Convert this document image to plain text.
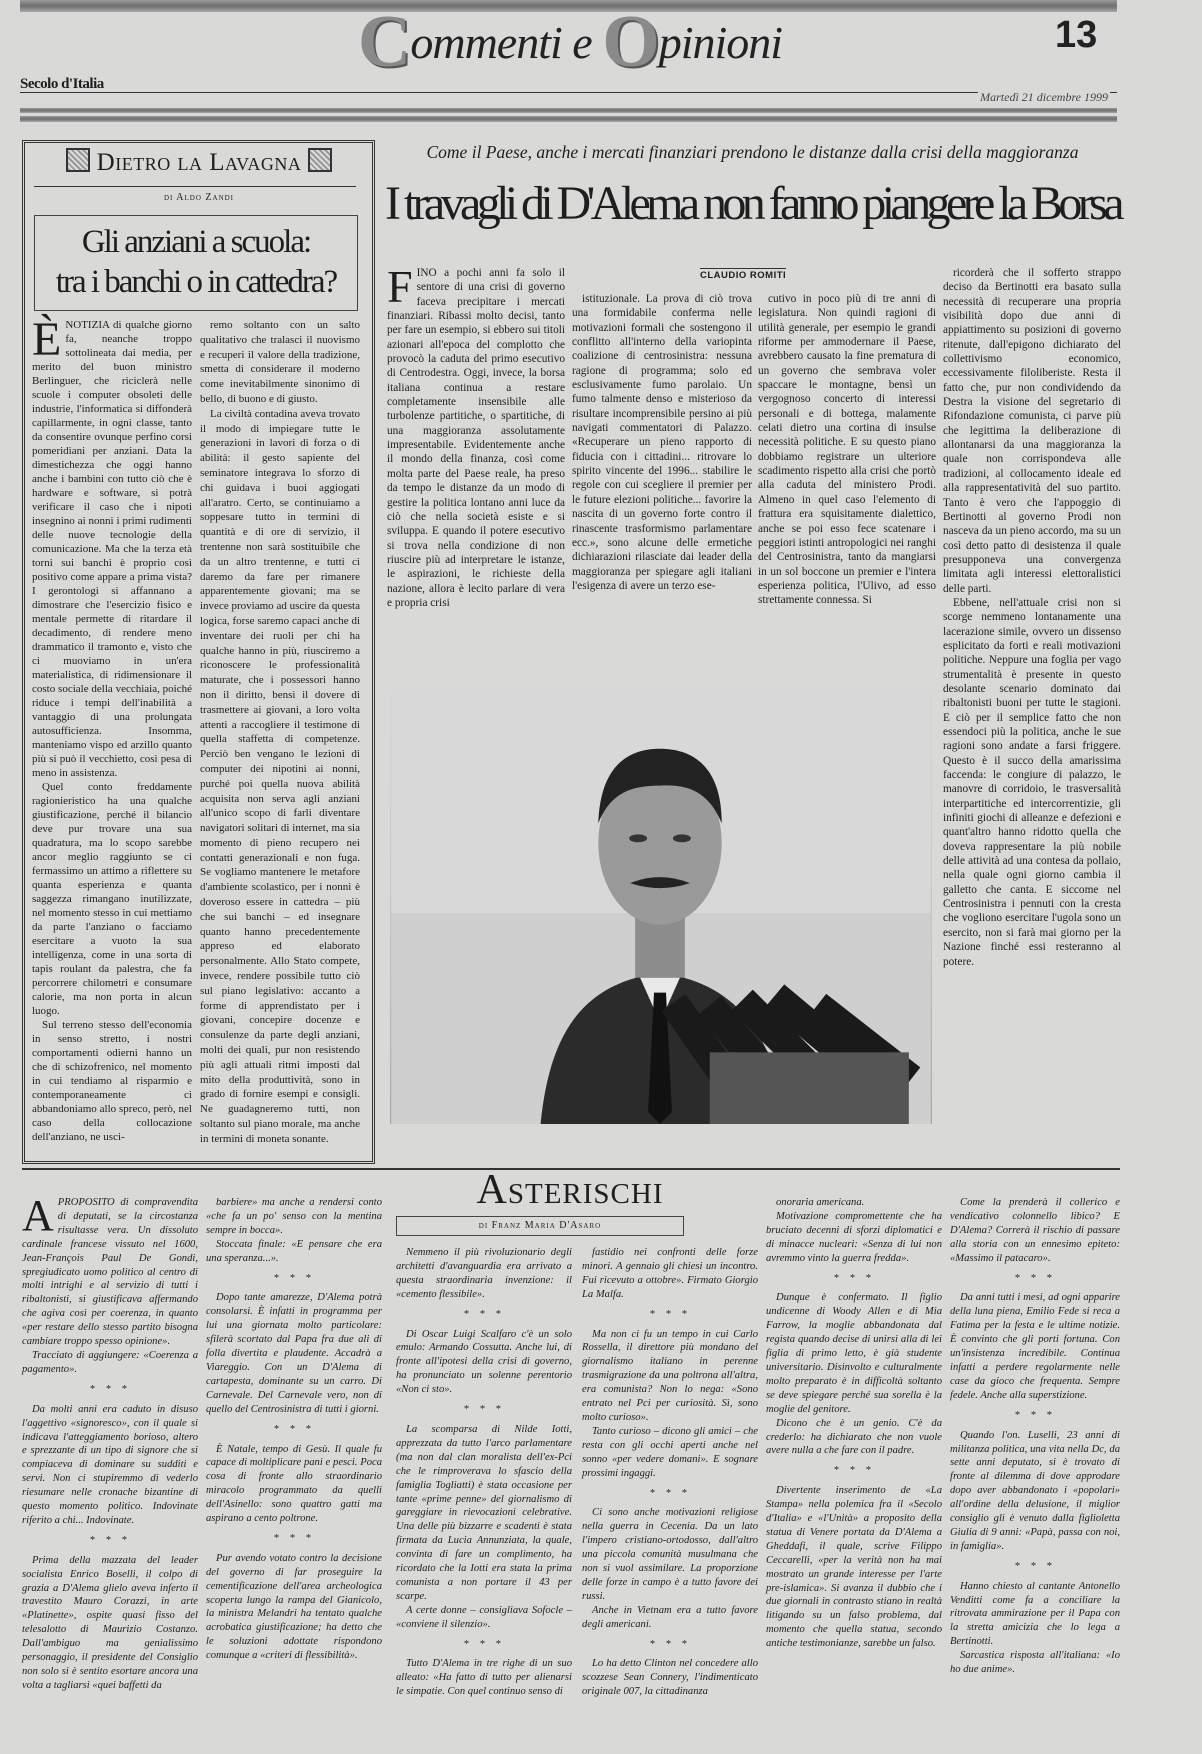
Commenti e Opinioni	13
Secolo d'Italia
Martedì 21 dicembre 1999
Dietro la Lavagna
di Aldo Zandi
Gli anziani a scuola:
tra i banchi o in cattedra?
È NOTIZIA di qualche giorno fa, neanche troppo sottolineata dai media, per merito del buon ministro Berlinguer, che riciclerà nelle scuole i computer obsoleti delle industrie, l'informatica si diffonderà capillarmente, in ogni classe, tanto da consentire ovunque perfino corsi pomeridiani per anziani. Data la dimestichezza che oggi hanno anche i bambini con tutto ciò che è hardware e software, si potrà verificare il caso che i nipoti insegnino ai nonni i primi rudimenti delle nuove tecnologie della comunicazione. Ma che la terza età torni sui banchi è proprio così positivo come appare a prima vista? I gerontologi si affannano a dimostrare che l'esercizio fisico e mentale permette di ritardare il decadimento, di rendere meno drammatico il tramonto e, visto che ci muoviamo in un'era materialistica, di ridimensionare il costo sociale della vecchiaia, poiché riduce i tempi dell'inabilità a vantaggio di una prolungata autosufficienza. Insomma, manteniamo vispo ed arzillo quanto più si può il vecchietto, così pesa di meno in assistenza.

Quel conto freddamente ragionieristico ha una qualche giustificazione, perché il bilancio deve pur trovare una sua quadratura, ma lo scopo sarebbe ancor meglio raggiunto se ci fermassimo un attimo a riflettere su quanta esperienza e quanta saggezza rimangano inutilizzate, nel momento stesso in cui mettiamo da parte l'anziano o facciamo esercitare a vuoto la sua intelligenza, come in una sorta di tapis roulant da palestra, che fa percorrere chilometri e consumare calorie, ma non porta in alcun luogo.

Sul terreno stesso dell'economia in senso stretto, i nostri comportamenti odierni hanno un che di schizofrenico, nel momento in cui tendiamo al risparmio e contemporaneamente ci abbandoniamo allo spreco, però, nel caso della collocazione dell'anziano, ne usci-

remo soltanto con un salto qualitativo che tralasci il nuovismo e recuperi il valore della tradizione, smetta di considerare il moderno come inevitabilmente sinonimo di bello, di buono e di giusto.

La civiltà contadina aveva trovato il modo di impiegare tutte le generazioni in lavori di forza o di abilità: il gesto sapiente del seminatore integrava lo sforzo di chi guidava i buoi aggiogati all'aratro. Certo, se continuiamo a soppesare tutto in termini di quantità e di ore di servizio, il trentenne non sarà sostituibile che da un altro trentenne, e tutti ci daremo da fare per rimanere apparentemente giovani; ma se invece proviamo ad uscire da questa logica, forse saremo capaci anche di inventare dei ruoli per chi ha qualche hanno in più, riusciremo a riconoscere le professionalità maturate, che i possessori hanno non il diritto, bensì il dovere di trasmettere ai giovani, a loro volta attenti a raccogliere il testimone di quella staffetta di competenze. Perciò ben vengano le lezioni di computer dei nipotini ai nonni, purché poi quella nuova abilità acquisita non serva agli anziani all'unico scopo di farli diventare navigatori solitari di internet, ma sia momento di pieno recupero nei contatti generazionali e non fuga. Se vogliamo mantenere le metafore d'ambiente scolastico, per i nonni è doveroso essere in cattedra – più che sui banchi – ed insegnare quanto hanno precedentemente appreso ed elaborato personalmente. Allo Stato compete, invece, rendere possibile tutto ciò sul piano legislativo: accanto a forme di apprendistato per i giovani, concepire docenze e consulenze da parte degli anziani, molti dei quali, pur non resistendo più agli attuali ritmi imposti dal mito della produttività, sono in grado di fornire esempi e consigli. Ne guadagneremo tutti, non soltanto sul piano morale, ma anche in termini di moneta sonante.

Come il Paese, anche i mercati finanziari prendono le distanze dalla crisi della maggioranza
I travagli di D'Alema non fanno piangere la Borsa
CLAUDIO ROMITI
F INO a pochi anni fa solo il sentore di una crisi di governo faceva precipitare i mercati finanziari. Ribassi molto decisi, tanto per fare un esempio, si ebbero sui titoli azionari all'epoca del complotto che provocò la caduta del primo esecutivo di Centrodestra. Oggi, invece, la borsa italiana continua a restare completamente insensibile alle turbolenze partitiche, o spartitiche, di una maggioranza assolutamente impresentabile. Evidentemente anche il mondo della finanza, così come molta parte del Paese reale, ha preso da tempo le distanze da un modo di gestire la politica lontano anni luce da ciò che nella società esiste e si sviluppa. E quando il potere esecutivo si trova nella condizione di non riuscire più ad interpretare le istanze, le aspirazioni, le richieste della nazione, allora è lecito parlare di vera e propria crisi

istituzionale. La prova di ciò trova una formidabile conferma nelle motivazioni formali che sostengono il conflitto all'interno della variopinta coalizione di centrosinistra: nessuna ragione di programma; solo ed esclusivamente fumo parolaio. Un fumo talmente denso e misterioso da risultare incomprensibile persino ai più navigati commentatori di Palazzo. «Recuperare un pieno rapporto di fiducia con i cittadini... ritrovare lo spirito vincente del 1996... stabilire le regole con cui scegliere il premier per le future elezioni politiche... favorire la nascita di un governo forte contro il rinascente trasformismo parlamentare ecc.», sono alcune delle ermetiche dichiarazioni rilasciate dai leader della maggioranza per spiegare agli italiani l'esigenza di avere un terzo ese-

cutivo in poco più di tre anni di legislatura. Non quindi ragioni di utilità generale, per esempio le grandi riforme per ammodernare il Paese, avrebbero causato la fine prematura di un governo che sembrava voler spaccare le montagne, bensì un vergognoso concerto di interessi personali e di bottega, malamente celati dietro una cortina di insulse necessità politiche. E su questo piano dobbiamo registrare un ulteriore scadimento rispetto alla crisi che portò alla caduta del ministero Prodi. Almeno in quel caso l'elemento di frattura era squisitamente dialettico, anche se poi esso fece scatenare i peggiori istinti antropologici nei ranghi del Centrosinistra, tanto da mangiarsi in un sol boccone un premier e l'intera esperienza politica, l'Ulivo, ad esso strettamente connessa. Si

ricorderà che il sofferto strappo deciso da Bertinotti era basato sulla necessità di recuperare una propria visibilità dopo due anni di appiattimento su posizioni di governo ritenute, dall'epigono dichiarato del collettivismo economico, eccessivamente filoliberiste. Resta il fatto che, pur non condividendo da Destra la visione del segretario di Rifondazione comunista, ci parve più che legittima la deliberazione di allontanarsi da una maggioranza la quale non corrispondeva alle tradizioni, al collocamento ideale ed alla rappresentatività del suo partito. Tanto è vero che l'appoggio di Bertinotti al governo Prodi non nasceva da un pieno accordo, ma su un così detto patto di desistenza il quale presupponeva una convergenza limitata agli interessi elettoralistici delle parti.

Ebbene, nell'attuale crisi non si scorge nemmeno lontanamente una lacerazione simile, ovvero un dissenso esplicitato da forti e reali motivazioni politiche. Neppure una foglia per vago strumentalità è presente in questo desolante scenario dominato dai ribaltonisti buoni per tutte le stagioni. E ciò per il semplice fatto che non essendoci più la politica, anche le sue ragioni sono andate a farsi friggere. Questo è il succo della amarissima faccenda: le congiure di palazzo, le manovre di corridoio, le trasversalità interpartitiche ed intercorrentizie, gli infiniti giochi di alleanze e defezioni e quant'altro hanno ridotto quella che doveva rappresentare la più nobile delle attività ad una contesa da pollaio, nella quale ogni giorno cambia il galletto che canta. E siccome nel Centrosinistra i pennuti con la cresta che vogliono esercitare l'ugola sono un esercito, non si farà mai giorno per la Nazione finché essi resteranno al potere.

Asterischi
di Franz Maria D'Asaro
A PROPOSITO di compravendita di deputati, se la circostanza risultasse vera. Un dissoluto cardinale francese vissuto nel 1600, Jean-François Paul De Gondi, spregiudicato uomo politico al centro di molti intrighi e al servizio di tutti i ribaltonisti, si giustificava affermando che agiva così per coerenza, in quanto «per restare dello stesso partito bisogna cambiare troppo spesso opinione».

Tracciato di aggiungere: «Coerenza a pagamento».

* * *

Da molti anni era caduto in disuso l'aggettivo «signoresco», con il quale si indicava l'atteggiamento borioso, altero e sprezzante di un tipo di signore che si compiaceva di dominare su sudditi e servi. Non ci stupiremmo di vederlo riesumare nelle cronache bizantine di questo momento politico. Indovinate riferito a chi... Indovinate.

* * *

Prima della mazzata del leader socialista Enrico Boselli, il colpo di grazia a D'Alema glielo aveva inferto il travestito Mauro Corazzi, in arte «Platinette», ospite quasi fisso del telesalotto di Maurizio Costanzo. Dall'ambiguo ma genialissimo personaggio, il presidente del Consiglio non solo si è sentito esortare ancora una volta a tagliarsi «quei baffetti da

barbiere» ma anche a rendersi conto «che fa un po' senso con la mentina sempre in bocca».

Stoccata finale: «E pensare che era una speranza...».

* * *

Dopo tante amarezze, D'Alema potrà consolarsi. È infatti in programma per lui una giornata molto particolare: sfilerà scortato dal Papa fra due ali di folla divertita e plaudente. Accadrà a Viareggio. Con un D'Alema di cartapesta, dominante su un carro. Di Carnevale. Del Carnevale vero, non di quello del Centrosinistra di tutti i giorni.

* * *

È Natale, tempo di Gesù. Il quale fu capace di moltiplicare pani e pesci. Poca cosa di fronte allo straordinario miracolo programmato da quelli dell'Asinello: sono quattro gatti ma aspirano a cento poltrone.

* * *

Pur avendo votato contro la decisione del governo di far proseguire la cementificazione dell'area archeologica scoperta lungo la rampa del Gianicolo, la ministra Melandri ha tentato qualche acrobatica giustificazione; ha detto che le soluzioni adottate rispondono comunque a «criteri di flessibilità».

Nemmeno il più rivoluzionario degli architetti d'avanguardia era arrivato a questa straordinaria invenzione: il «cemento flessibile».

* * *

Di Oscar Luigi Scalfaro c'è un solo emulo: Armando Cossutta. Anche lui, di fronte all'ipotesi della crisi di governo, ha pronunciato un solenne perentorio «Non ci sto».

* * *

La scomparsa di Nilde Iotti, apprezzata da tutto l'arco parlamentare (ma non dal clan moralista dell'ex-Pci che le rimproverava lo sfascio della famiglia Togliatti) è stata occasione per tante «prime penne» del giornalismo di gareggiare in rievocazioni celebrative. Una delle più bizzarre e scadenti è stata firmata da Lucia Annunziata, la quale, convinta di fare un complimento, ha ricordato che la Iotti era stata la prima comunista a non portare il 43 per scarpe.

A certe donne – consigliava Sofocle – «conviene il silenzio».

* * *

Tutto D'Alema in tre righe di un suo alleato: «Ha fatto di tutto per alienarsi le simpatie. Con quel continuo senso di

fastidio nei confronti delle forze minori. A gennaio gli chiesi un incontro. Fui ricevuto a ottobre». Firmato Giorgio La Malfa.

* * *

Ma non ci fu un tempo in cui Carlo Rossella, il direttore più mondano del giornalismo italiano in perenne trasmigrazione da una poltrona all'altra, era comunista? Non lo nega: «Sono entrato nel Pci per curiosità. Sì, sono molto curioso».

Tanto curioso – dicono gli amici – che resta con gli occhi aperti anche nel sonno «per vedere domani». E sognare prossimi ingaggi.

* * *

Ci sono anche motivazioni religiose nella guerra in Cecenia. Da un lato l'impero cristiano-ortodosso, dall'altro una piccola comunità musulmana che non si vuol assimilare. La proporzione delle forze in campo è a tutto favore dei russi.

Anche in Vietnam era a tutto favore degli americani.

* * *

Lo ha detto Clinton nel concedere allo scozzese Sean Connery, l'indimenticato originale 007, la cittadinanza

onoraria americana.

Motivazione compromettente che ha bruciato decenni di sforzi diplomatici e di minacce nucleari: «Senza di lui non avremmo vinto la guerra fredda».

* * *

Dunque è confermato. Il figlio undicenne di Woody Allen e di Mia Farrow, la moglie abbandonata dal regista quando decise di unirsi alla di lei figlia di primo letto, è già studente universitario. Disinvolto e culturalmente molto preparato è in difficoltà soltanto se deve spiegare perché sua sorella è la moglie del genitore.

Dicono che è un genio. C'è da crederlo: ha dichiarato che non vuole avere nulla a che fare con il padre.

* * *

Divertente inserimento de «La Stampa» nella polemica fra il «Secolo d'Italia» e «l'Unità» a proposito della statua di Venere portata da D'Alema a Gheddafi, il quale, scrive Filippo Ceccarelli, «per la verità non ha mai mostrato un grande interesse per l'arte pre-islamica». Si avanza il dubbio che i due giornali in contrasto stiano in realtà litigando su un falso problema, dal momento che quella statua, secondo antiche testimonianze, sarebbe un falso.

Come la prenderà il collerico e vendicativo colonnello libico? E D'Alema? Correrà il rischio di passare alla storia con un ennesimo epiteto: «Massimo il patacaro».

* * *

Da anni tutti i mesi, ad ogni apparire della luna piena, Emilio Fede si reca a Fatima per la festa e le ultime notizie. È convinto che gli porti fortuna. Con un'insistenza incredibile. Continua infatti a perdere regolarmente nelle case da gioco che frequenta. Sempre fedele. Anche alla superstizione.

* * *

Quando l'on. Luselli, 23 anni di militanza politica, una vita nella Dc, da sette anni deputato, si è trovato di fronte al dilemma di dove approdare dopo aver abbandonato i «popolari» all'ordine della delusione, il miglior consiglio gli è venuto dalla figlioletta Giulia di 9 anni: «Papà, passa con noi, in famiglia».

* * *

Hanno chiesto al cantante Antonello Venditti come fa a conciliare la ritrovata ammirazione per il Papa con la stretta amicizia che lo lega a Bertinotti.

Sarcastica risposta all'italiana: «Io ho due anime».
